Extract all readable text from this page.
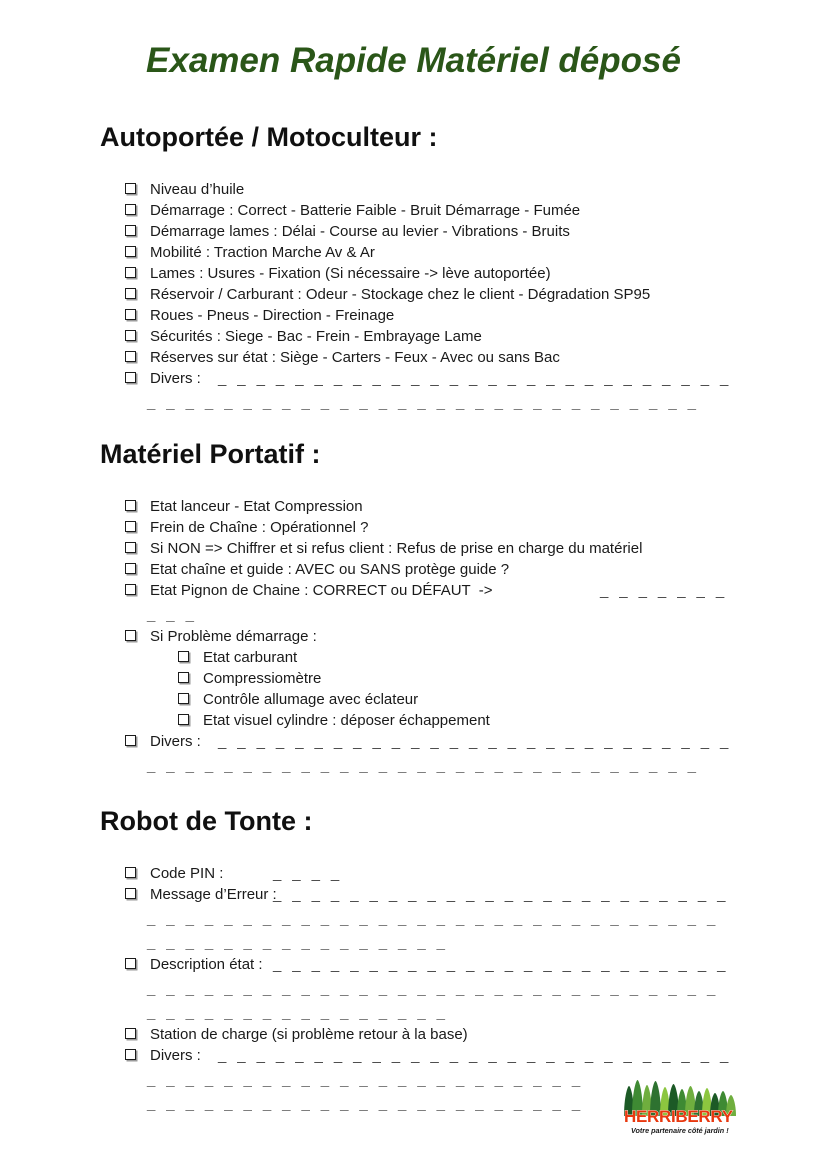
Examen Rapide Matériel déposé
Autoportée / Motoculteur :
Niveau d’huile
Démarrage : Correct - Batterie Faible - Bruit Démarrage - Fumée
Démarrage lames : Délai - Course au levier - Vibrations - Bruits
Mobilité : Traction Marche Av & Ar
Lames : Usures - Fixation (Si nécessaire -> lève autoportée)
Réservoir / Carburant : Odeur - Stockage chez le client - Dégradation SP95
Roues - Pneus - Direction - Freinage
Sécurités : Siege - Bac - Frein - Embrayage Lame
Réserves sur état : Siège - Carters - Feux - Avec ou sans Bac
Divers : _ _ _ _ _ _ _ _ _ _ _ _ _ _ _ _ _ _ _ _ _ _ _ _ _ _ _
_ _ _ _ _ _ _ _ _ _ _ _ _ _ _ _ _ _ _ _ _ _ _ _ _ _ _ _ _
Matériel Portatif :
Etat lanceur - Etat Compression
Frein de Chaîne : Opérationnel ?
Si NON => Chiffrer et si refus client : Refus de prise en charge du matériel
Etat chaîne et guide : AVEC ou SANS protège guide ?
Etat Pignon de Chaine : CORRECT ou DÉFAUT  ->	_ _ _ _ _ _ _
_ _ _
Si Problème démarrage :
Etat carburant
Compressiomètre
Contrôle allumage avec éclateur
Etat visuel cylindre : déposer échappement
Divers : _ _ _ _ _ _ _ _ _ _ _ _ _ _ _ _ _ _ _ _ _ _ _ _ _ _ _
_ _ _ _ _ _ _ _ _ _ _ _ _ _ _ _ _ _ _ _ _ _ _ _ _ _ _ _ _
Robot de Tonte :
Code PIN :	_ _ _ _
Message d’Erreur :
_ _ _ _ _ _ _ _ _ _ _ _ _ _ _ _ _ _ _ _ _ _ _ _
_ _ _ _ _ _ _ _ _ _ _ _ _ _ _ _ _ _ _ _ _ _ _ _ _ _ _ _ _ _
_ _ _ _ _ _ _ _ _ _ _ _ _ _ _ _
Description état : _ _ _ _ _ _ _ _ _ _ _ _ _ _ _ _ _ _ _ _ _ _ _ _
_ _ _ _ _ _ _ _ _ _ _ _ _ _ _ _ _ _ _ _ _ _ _ _ _ _ _ _ _ _
_ _ _ _ _ _ _ _ _ _ _ _ _ _ _ _
Station de charge (si problème retour à la base)
Divers : _ _ _ _ _ _ _ _ _ _ _ _ _ _ _ _ _ _ _ _ _ _ _ _ _ _ _
_ _ _ _ _ _ _ _ _ _ _ _ _ _ _ _ _ _ _ _ _ _ _
_ _ _ _ _ _ _ _ _ _ _ _ _ _ _ _ _ _ _ _ _ _ _
HERRIBERRY
Votre partenaire côté jardin !
